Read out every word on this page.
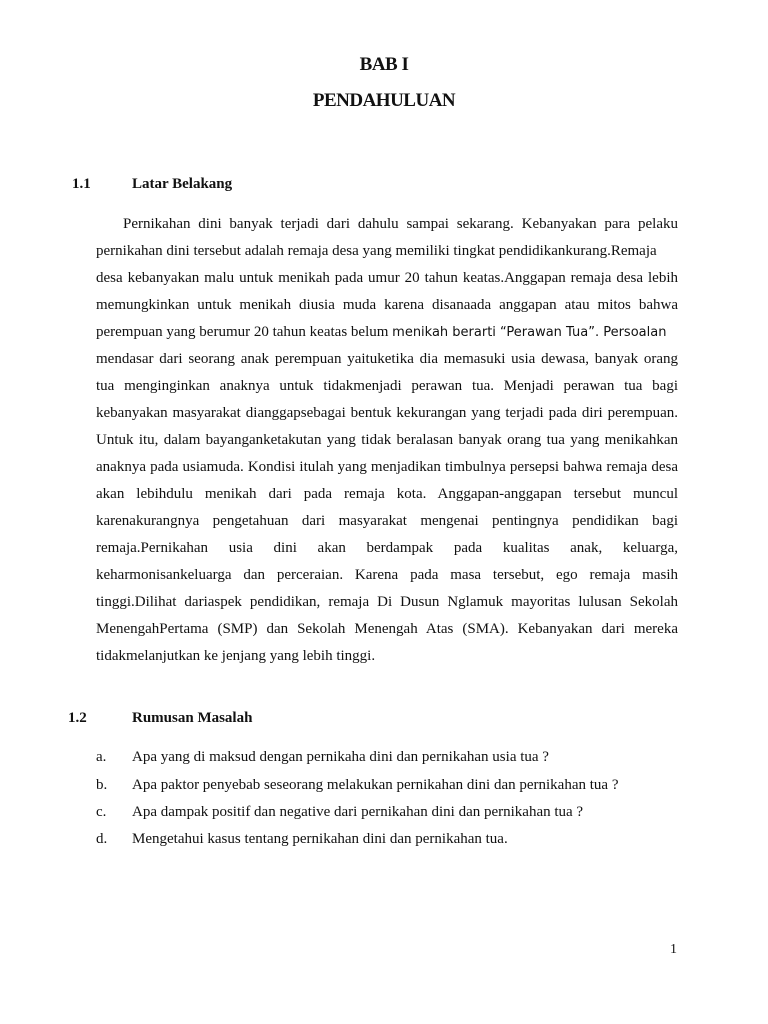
BAB I
PENDAHULUAN
1.1	Latar Belakang
Pernikahan dini banyak terjadi dari dahulu sampai sekarang. Kebanyakan para pelaku
pernikahan dini tersebut adalah remaja desa yang memiliki tingkat pendidikankurang.Remaja
desa kebanyakan malu untuk menikah pada umur 20 tahun keatas.Anggapan remaja desa lebih
memungkinkan untuk menikah diusia muda karena disanaada anggapan atau mitos bahwa
perempuan yang berumur 20 tahun keatas belum menikah berarti “Perawan Tua”. Persoalan
mendasar dari seorang anak perempuan yaituketika dia memasuki usia dewasa, banyak orang
tua menginginkan anaknya untuk tidakmenjadi perawan tua. Menjadi perawan tua bagi
kebanyakan masyarakat dianggapsebagai bentuk kekurangan yang terjadi pada diri perempuan.
Untuk itu, dalam bayanganketakutan yang tidak beralasan banyak orang tua yang menikahkan
anaknya pada usiamuda. Kondisi itulah yang menjadikan timbulnya persepsi bahwa remaja desa
akan lebihdulu menikah dari pada remaja kota. Anggapan-anggapan tersebut muncul
karenakurangnya pengetahuan dari masyarakat mengenai pentingnya pendidikan bagi
remaja.Pernikahan usia dini akan berdampak pada kualitas anak, keluarga,
keharmonisankeluarga dan perceraian. Karena pada masa tersebut, ego remaja masih
tinggi.Dilihat dariaspek pendidikan, remaja Di Dusun Nglamuk mayoritas lulusan Sekolah
MenengahPertama (SMP) dan Sekolah Menengah Atas (SMA). Kebanyakan dari mereka
tidakmelanjutkan ke jenjang yang lebih tinggi.
1.2	Rumusan Masalah
a. Apa yang di maksud dengan pernikaha dini dan pernikahan usia tua ?
b. Apa paktor penyebab seseorang melakukan pernikahan dini dan pernikahan tua ?
c. Apa dampak positif dan negative dari pernikahan dini dan pernikahan tua ?
d. Mengetahui kasus tentang pernikahan dini dan pernikahan tua.
1
